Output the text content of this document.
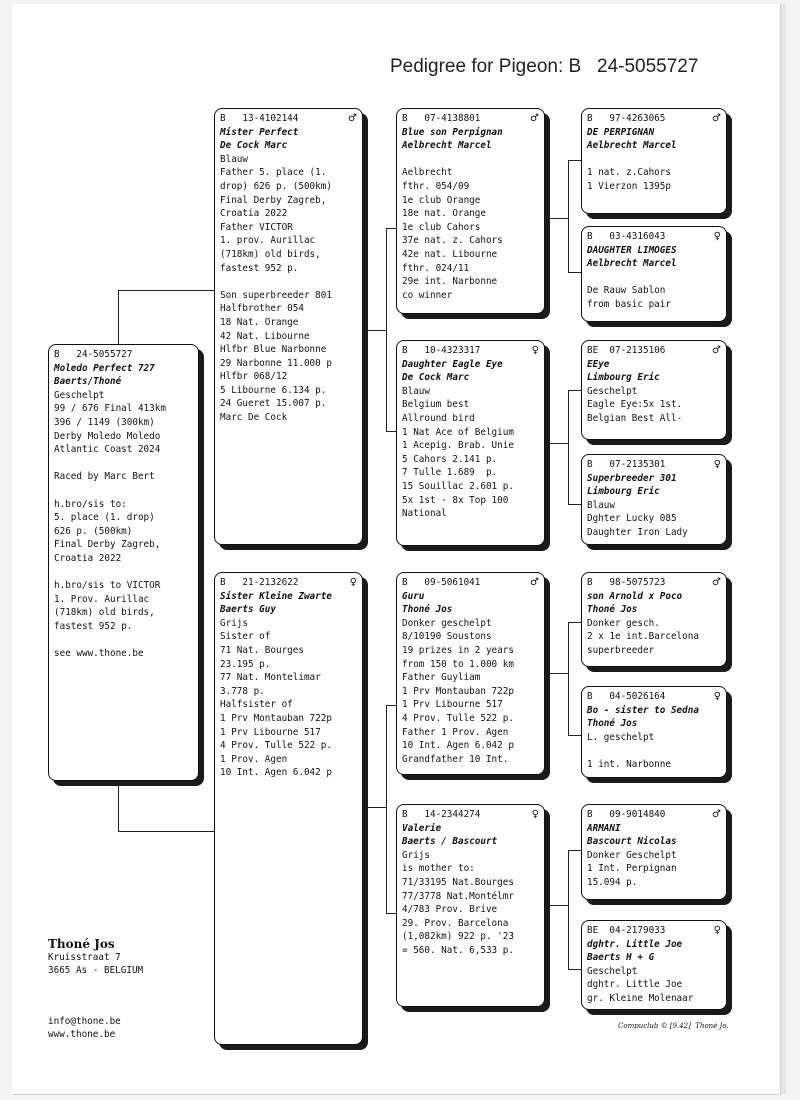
Pedigree for Pigeon: B   24-5055727
B   24-5055727
Moledo Perfect 727
Baerts/Thoné
Geschelpt
99 / 676 Final 413km
396 / 1149 (300km)
Derby Moledo Moledo
Atlantic Coast 2024
Raced by Marc Bert
h.bro/sis to:
5. place (1. drop)
626 p. (500km)
Final Derby Zagreb,
Croatia 2022
h.bro/sis to VICTOR
1. Prov. Aurillac
(718km) old birds,
fastest 952 p.
see www.thone.be
B   13-4102144	♂
Mister Perfect
De Cock Marc
Blauw
Father 5. place (1.
drop) 626 p. (500km)
Final Derby Zagreb,
Croatia 2022
Father VICTOR
1. prov. Aurillac
(718km) old birds,
fastest 952 p.
Son superbreeder 801
Halfbrother 054
18 Nat. Orange
42 Nat. Libourne
Hlfbr Blue Narbonne
29 Narbonne 11.000 p
Hlfbr 068/12
5 Libourne 6.134 p.
24 Gueret 15.007 p.
Marc De Cock
B   21-2132622	♀
Sister Kleine Zwarte
Baerts Guy
Grijs
Sister of
71 Nat. Bourges
23.195 p.
77 Nat. Montelimar
3.778 p.
Halfsister of
1 Prv Montauban 722p
1 Prv Libourne 517
4 Prov. Tulle 522 p.
1 Prov. Agen
10 Int. Agen 6.042 p
B   07-4138801	♂
Blue son Perpignan
Aelbrecht Marcel
Aelbrecht
fthr. 054/09
1e club Orange
18e nat. Orange
1e club Cahors
37e nat. z. Cahors
42e nat. Libourne
fthr. 024/11
29e int. Narbonne
co winner
B   10-4323317	♀
Daughter Eagle Eye
De Cock Marc
Blauw
Belgium best
Allround bird
1 Nat Ace of Belgium
1 Acepig. Brab. Unie
5 Cahors 2.141 p.
7 Tulle 1.689  p.
15 Souillac 2.601 p.
5x 1st - 8x Top 100
National
B   09-5061041	♂
Guru
Thoné Jos
Donker geschelpt
8/10190 Soustons
19 prizes in 2 years
from 150 to 1.000 km
Father Guyliam
1 Prv Montauban 722p
1 Prv Libourne 517
4 Prov. Tulle 522 p.
Father 1 Prov. Agen
10 Int. Agen 6.042 p
Grandfather 10 Int.
B   14-2344274	♀
Valerie
Baerts / Bascourt
Grijs
is mother to:
71/33195 Nat.Bourges
77/3778 Nat.Montélmr
4/783 Prov. Brive
29. Prov. Barcelona
(1,082km) 922 p. '23
= 560. Nat. 6,533 p.
B   97-4263065	♂
DE PERPIGNAN
Aelbrecht Marcel
1 nat. z.Cahors
1 Vierzon 1395p
B   03-4316043	♀
DAUGHTER LIMOGES
Aelbrecht Marcel
De Rauw Sablon
from basic pair
BE  07-2135106	♂
EEye
Limbourg Eric
Geschelpt
Eagle Eye:5x 1st.
Belgian Best All-
B   07-2135301	♀
Superbreeder 301
Limbourg Eric
Blauw
Dghter Lucky 085
Daughter Iron Lady
B   98-5075723	♂
son Arnold x Poco
Thoné Jos
Donker gesch.
2 x 1e int.Barcelona
superbreeder
B   04-5026164	♀
Bo - sister to Sedna
Thoné Jos
L. geschelpt
1 int. Narbonne
B   09-9014840	♂
ARMANI
Bascourt Nicolas
Donker Geschelpt
1 Int. Perpignan
15.094 p.
BE  04-2179033	♀
dghtr. Little Joe
Baerts H + G
Geschelpt
dghtr. Little Joe
gr. Kleine Molenaar
Thoné Jos
Kruisstraat 7
3665 As - BELGIUM
info@thone.be
www.thone.be
Compuclub © [9.42]  Thoné Jo.
